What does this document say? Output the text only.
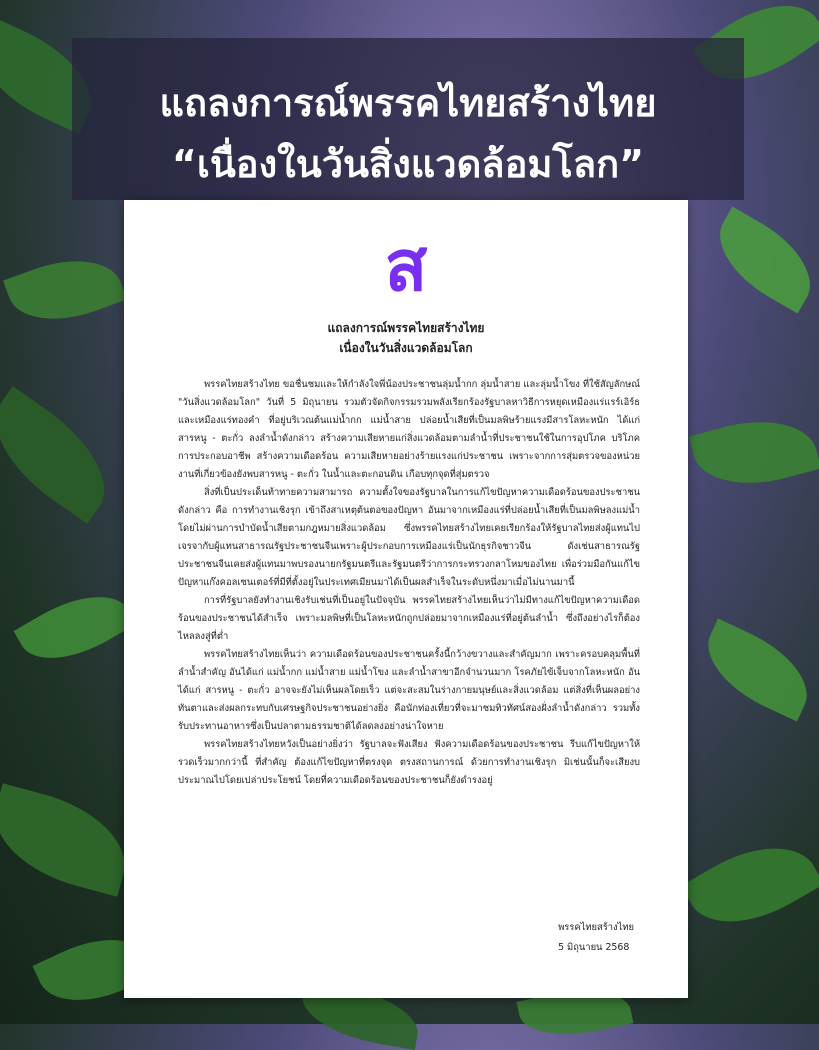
แถลงการณ์พรรคไทยสร้างไทย
“เนื่องในวันสิ่งแวดล้อมโลก”
ส
แถลงการณ์พรรคไทยสร้างไทย
เนื่องในวันสิ่งแวดล้อมโลก

พรรคไทยสร้างไทย ขอชื่นชมและให้กำลังใจพี่น้องประชาชนลุ่มน้ำกก ลุ่มน้ำสาย และลุ่มน้ำโขง ที่ใช้สัญลักษณ์ "วันสิ่งแวดล้อมโลก" วันที่ 5 มิถุนายน รวมตัวจัดกิจกรรมรวมพลังเรียกร้องรัฐบาลหาวิธีการหยุดเหมืองแร่แรร์เอิร์ธและเหมืองแร่ทองคำ ที่อยู่บริเวณต้นแม่น้ำกก แม่น้ำสาย ปล่อยน้ำเสียที่เป็นมลพิษร้ายแรงมีสารโลหะหนัก ได้แก่ สารหนู - ตะกั่ว ลงลำน้ำดังกล่าว สร้างความเสียหายแก่สิ่งแวดล้อมตามลำน้ำที่ประชาชนใช้ในการอุปโภค บริโภค การประกอบอาชีพ สร้างความเดือดร้อน ความเสียหายอย่างร้ายแรงแก่ประชาชน เพราะจากการสุ่มตรวจของหน่วยงานที่เกี่ยวข้องยังพบสารหนู - ตะกั่ว ในน้ำและตะกอนดิน เกือบทุกจุดที่สุ่มตรวจ

สิ่งที่เป็นประเด็นท้าทายความสามารถ ความตั้งใจของรัฐบาลในการแก้ไขปัญหาความเดือดร้อนของประชาชนดังกล่าว คือ การทำงานเชิงรุก เข้าถึงสาเหตุต้นตอของปัญหา อันมาจากเหมืองแร่ที่ปล่อยน้ำเสียที่เป็นมลพิษลงแม่น้ำโดยไม่ผ่านการบำบัดน้ำเสียตามกฎหมายสิ่งแวดล้อม ซึ่งพรรคไทยสร้างไทยเคยเรียกร้องให้รัฐบาลไทยส่งผู้แทนไปเจรจากับผู้แทนสาธารณรัฐประชาชนจีนเพราะผู้ประกอบการเหมืองแร่เป็นนักธุรกิจชาวจีน ดังเช่นสาธารณรัฐประชาชนจีนเคยส่งผู้แทนมาพบรองนายกรัฐมนตรีและรัฐมนตรีว่าการกระทรวงกลาโหมของไทย เพื่อร่วมมือกันแก้ไขปัญหาแก๊งคอลเซนเตอร์ที่มีที่ตั้งอยู่ในประเทศเมียนมาได้เป็นผลสำเร็จในระดับหนึ่งมาเมื่อไม่นานมานี้

การที่รัฐบาลยังทำงานเชิงรับเช่นที่เป็นอยู่ในปัจจุบัน พรรคไทยสร้างไทยเห็นว่าไม่มีทางแก้ไขปัญหาความเดือดร้อนของประชาชนได้สำเร็จ เพราะมลพิษที่เป็นโลหะหนักถูกปล่อยมาจากเหมืองแร่ที่อยู่ต้นลำน้ำ ซึ่งถึงอย่างไรก็ต้องไหลลงสู่ที่ต่ำ

พรรคไทยสร้างไทยเห็นว่า ความเดือดร้อนของประชาชนครั้งนี้กว้างขวางและสำคัญมาก เพราะครอบคลุมพื้นที่ลำน้ำสำคัญ อันได้แก่ แม่น้ำกก แม่น้ำสาย แม่น้ำโขง และลำน้ำสาขาอีกจำนวนมาก โรคภัยไข้เจ็บจากโลหะหนัก อันได้แก่ สารหนู - ตะกั่ว อาจจะยังไม่เห็นผลโดยเร็ว แต่จะสะสมในร่างกายมนุษย์และสิ่งแวดล้อม แต่สิ่งที่เห็นผลอย่างทันตาและส่งผลกระทบกับเศรษฐกิจประชาชนอย่างยิ่ง คือนักท่องเที่ยวที่จะมาชมทิวทัศน์สองฝั่งลำน้ำดังกล่าว รวมทั้งรับประทานอาหารซึ่งเป็นปลาตามธรรมชาติได้ลดลงอย่างน่าใจหาย

พรรคไทยสร้างไทยหวังเป็นอย่างยิ่งว่า รัฐบาลจะฟังเสียง ฟังความเดือดร้อนของประชาชน รีบแก้ไขปัญหาให้รวดเร็วมากกว่านี้ ที่สำคัญ ต้องแก้ไขปัญหาที่ตรงจุด ตรงสถานการณ์ ด้วยการทำงานเชิงรุก มิเช่นนั้นก็จะเสียงบประมาณไปโดยเปล่าประโยชน์ โดยที่ความเดือดร้อนของประชาชนก็ยังดำรงอยู่

พรรคไทยสร้างไทย
5 มิถุนายน 2568
